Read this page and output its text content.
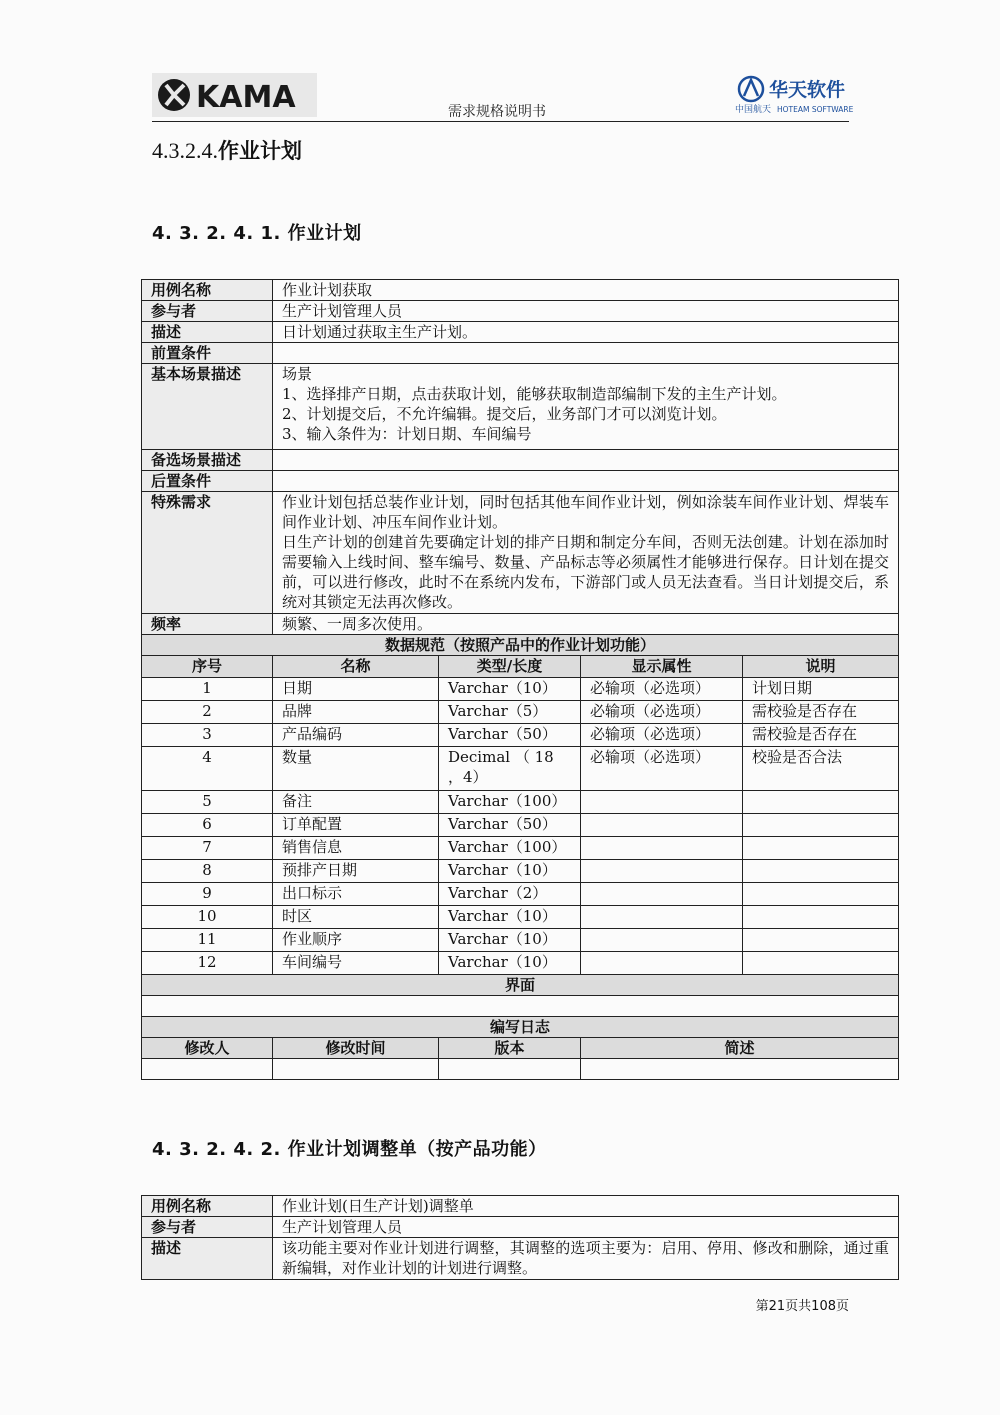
KAMA	需求规格说明书
华天软件
中国航天 HOTEAM SOFTWARE
4.3.2.4.作业计划
4. 3. 2. 4. 1. 作业计划
用例名称	作业计划获取			
参与者	生产计划管理人员			
描述	日计划通过获取主生产计划。			
前置条件				
基本场景描述	场景
1、选择排产日期，点击获取计划，能够获取制造部编制下发的主生产计划。
2、计划提交后，不允许编辑。提交后，业务部门才可以浏览计划。
3、输入条件为：计划日期、车间编号			

备选场景描述				
后置条件				
特殊需求	作业计划包括总装作业计划，同时包括其他车间作业计划，例如涂装车间作业计划、焊装车间作业计划、冲压车间作业计划。
日生产计划的创建首先要确定计划的排产日期和制定分车间，否则无法创建。计划在添加时需要输入上线时间、整车编号、数量、产品标志等必须属性才能够进行保存。日计划在提交前，可以进行修改，此时不在系统内发布，下游部门或人员无法查看。当日计划提交后，系统对其锁定无法再次修改。			

频率	频繁、一周多次使用。			
数据规范（按照产品中的作业计划功能）				
序号	名称	类型/长度	显示属性	说明
1	日期	Varchar（10）	必输项（必选项）	计划日期
2	品牌	Varchar（5）	必输项（必选项）	需校验是否存在
3	产品编码	Varchar（50）	必输项（必选项）	需校验是否存在
4	数量	Decimal （ 18 ，4）	必输项（必选项）	校验是否合法
5	备注	Varchar（100）		
6	订单配置	Varchar（50）		
7	销售信息	Varchar（100）		
8	预排产日期	Varchar（10）		
9	出口标示	Varchar（2）		
10	时区	Varchar（10）		
11	作业顺序	Varchar（10）		
12	车间编号	Varchar（10）		
界面				

编写日志				
修改人	修改时间	版本	简述	

4. 3. 2. 4. 2. 作业计划调整单（按产品功能）
用例名称	作业计划(日生产计划)调整单
参与者	生产计划管理人员
描述	该功能主要对作业计划进行调整，其调整的选项主要为：启用、停用、修改和删除，通过重新编辑，对作业计划的计划进行调整。
第21页共108页
